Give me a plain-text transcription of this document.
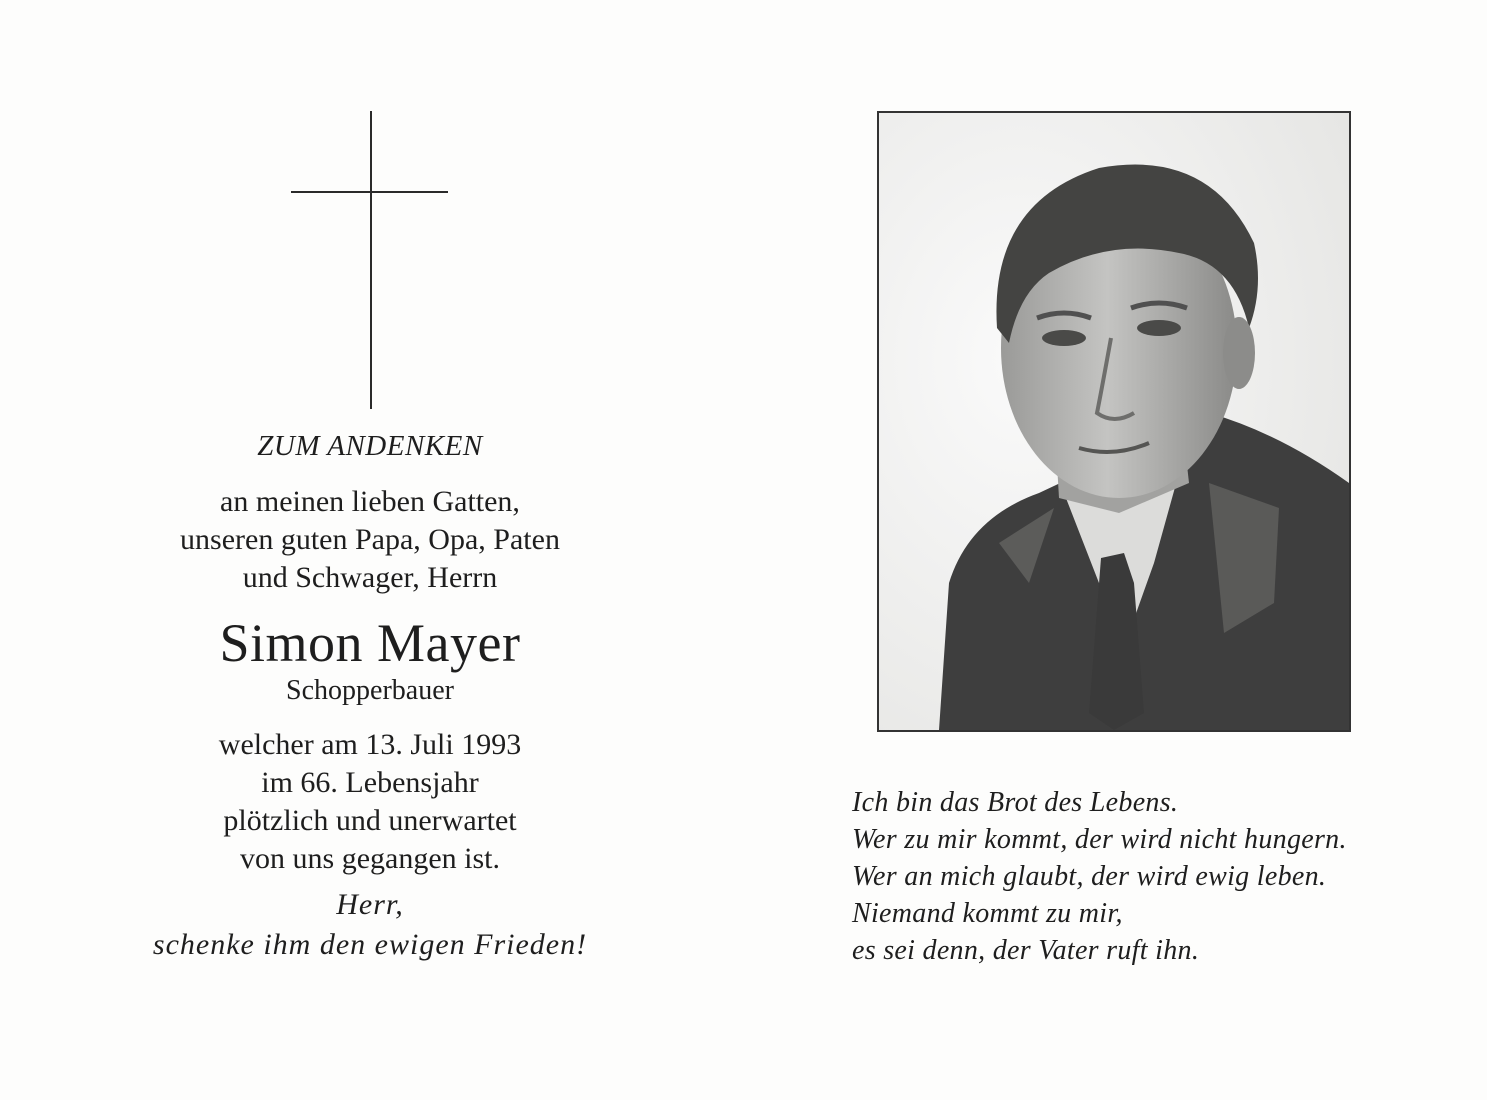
ZUM ANDENKEN
an meinen lieben Gatten,
unseren guten Papa, Opa, Paten
und Schwager, Herrn
Simon Mayer
Schopperbauer
welcher am 13. Juli 1993
im 66. Lebensjahr
plötzlich und unerwartet
von uns gegangen ist.
Herr,
schenke ihm den ewigen Frieden!
Ich bin das Brot des Lebens.
Wer zu mir kommt, der wird nicht hungern.
Wer an mich glaubt, der wird ewig leben.
Niemand kommt zu mir,
es sei denn, der Vater ruft ihn.
